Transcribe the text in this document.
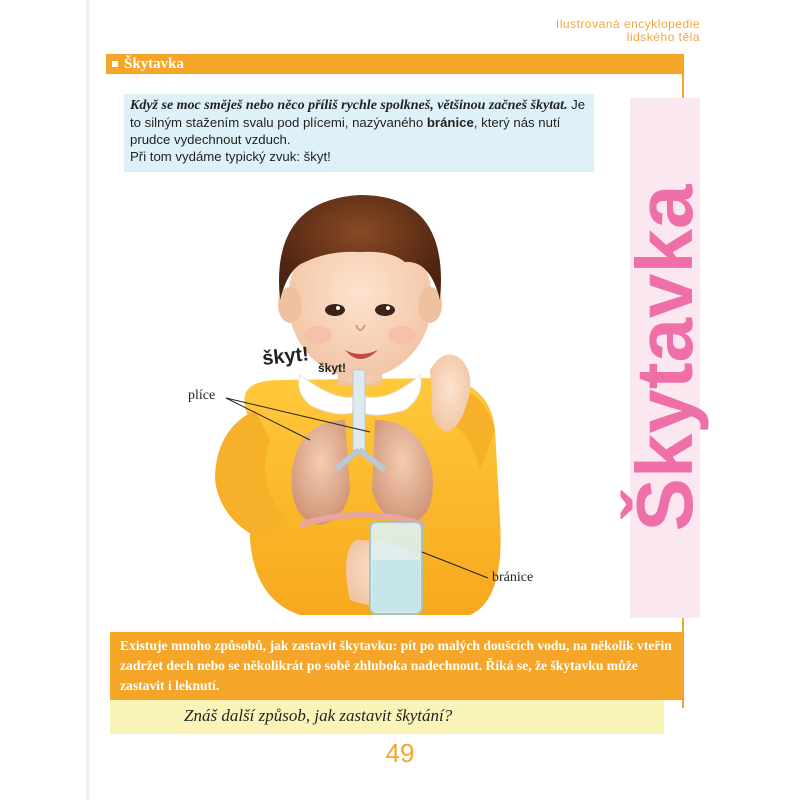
Ilustrovaná encyklopedie
lidského těla
Škytavka
Škytavka
Když se moc směješ nebo něco příliš rychle spolkneš, většinou začneš škytat. Je to silným stažením svalu pod plícemi, nazývaného bránice, který nás nutí prudce vydechnout vzduch.
Při tom vydáme typický zvuk: škyt!
škyt! škyt!
plíce
bránice
Existuje mnoho způsobů, jak zastavit škytavku: pít po malých doušcích vodu, na několik vteřin zadržet dech nebo se několikrát po sobě zhluboka nadechnout. Říká se, že škytavku může zastavit i leknutí.
Znáš další způsob, jak zastavit škytání?
49
